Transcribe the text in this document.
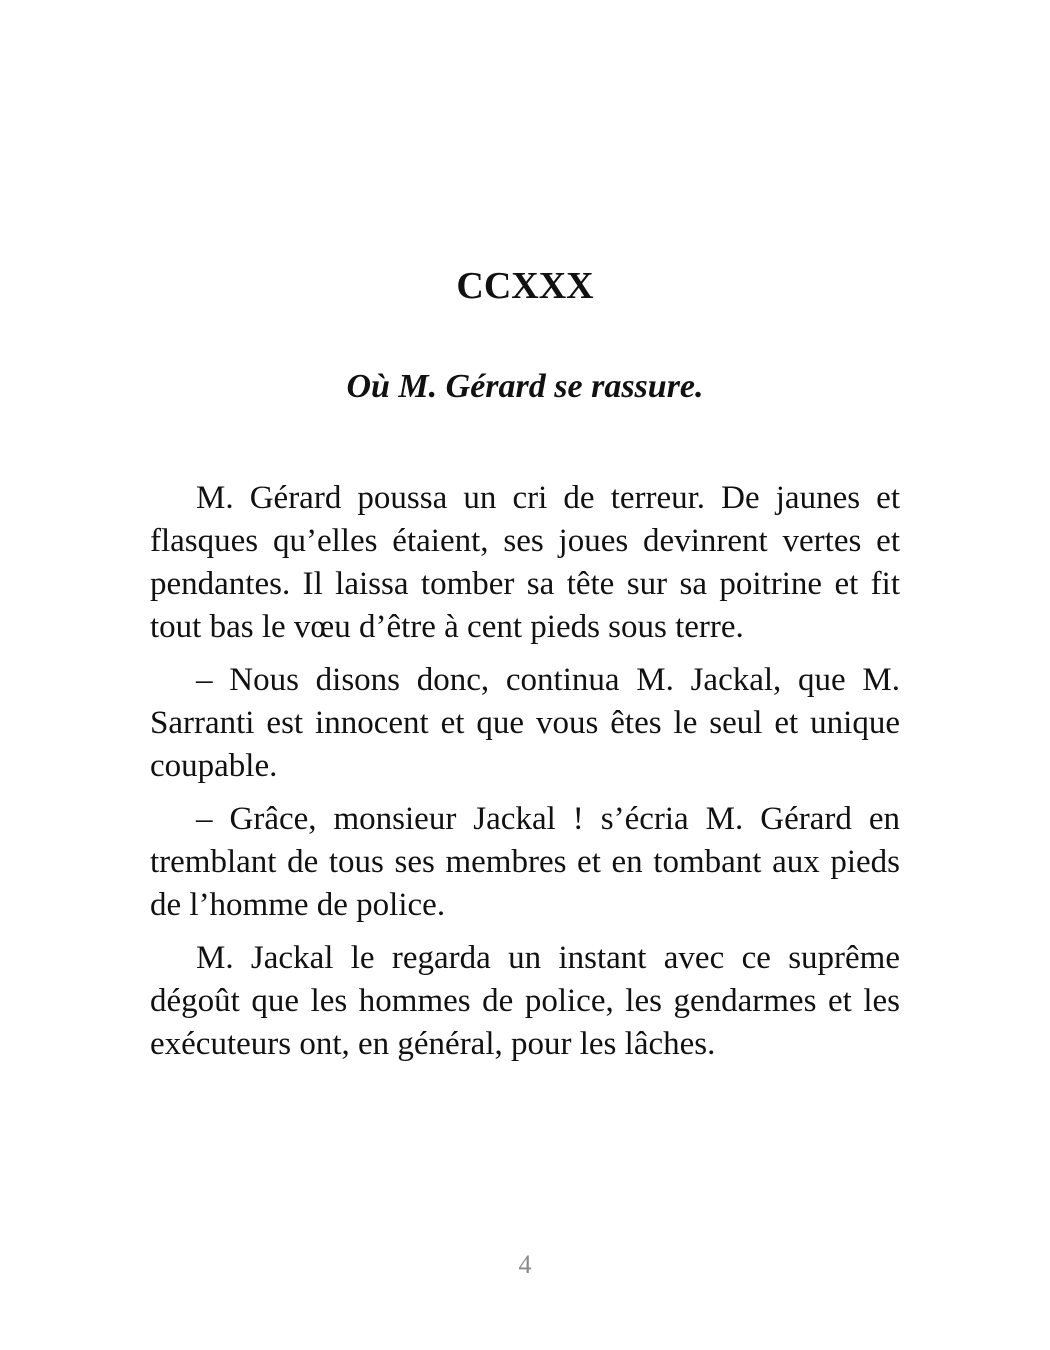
CCXXX
Où M. Gérard se rassure.

M. Gérard poussa un cri de terreur. De jaunes et flasques qu’elles étaient, ses joues devinrent vertes et pendantes. Il laissa tomber sa tête sur sa poitrine et fit tout bas le vœu d’être à cent pieds sous terre.

– Nous disons donc, continua M. Jackal, que M. Sarranti est innocent et que vous êtes le seul et unique coupable.

– Grâce, monsieur Jackal ! s’écria M. Gérard en tremblant de tous ses membres et en tombant aux pieds de l’homme de police.

M. Jackal le regarda un instant avec ce suprême dégoût que les hommes de police, les gendarmes et les exécuteurs ont, en général, pour les lâches.

4
